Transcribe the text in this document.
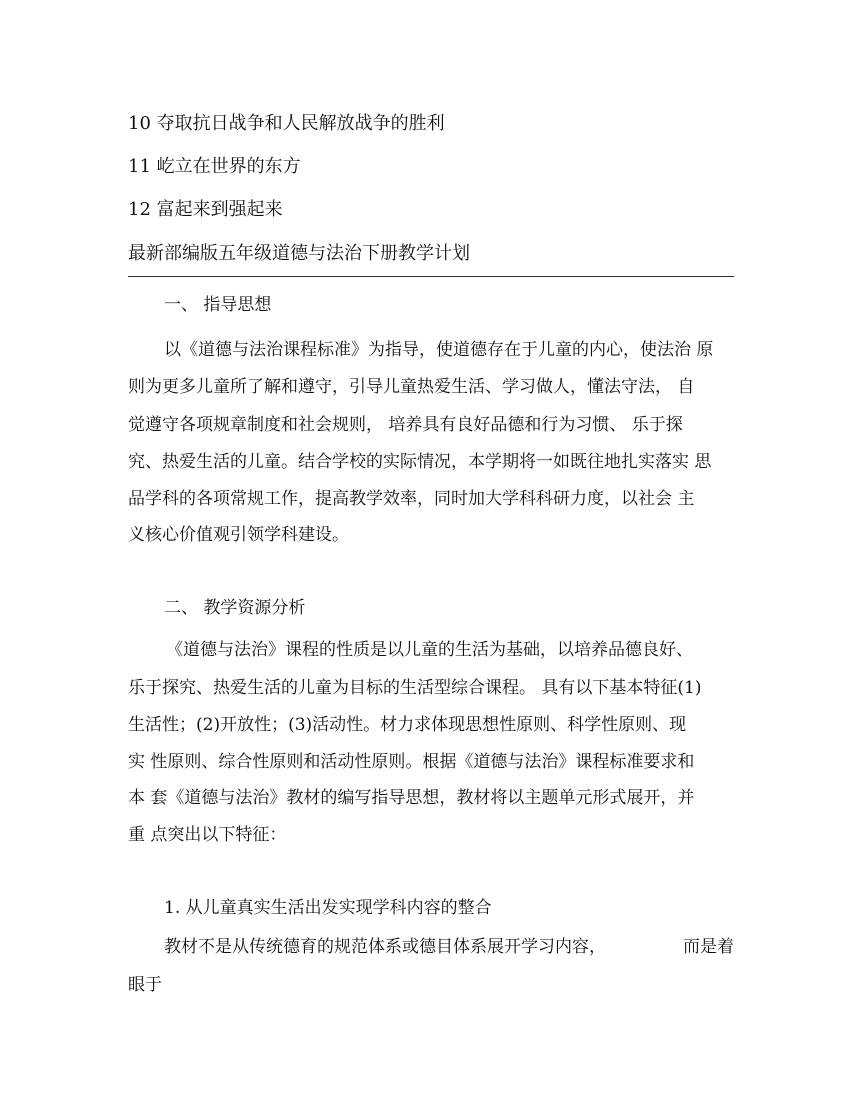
10 夺取抗日战争和人民解放战争的胜利
11 屹立在世界的东方
12 富起来到强起来
最新部编版五年级道德与法治下册教学计划
一、 指导思想
以《道德与法治课程标准》为指导，使道德存在于儿童的内心，使法治 原
则为更多儿童所了解和遵守，引导儿童热爱生活、学习做人，懂法守法， 自
觉遵守各项规章制度和社会规则， 培养具有良好品德和行为习惯、 乐于探
究、热爱生活的儿童。结合学校的实际情况，本学期将一如既往地扎实落实 思
品学科的各项常规工作，提高教学效率，同时加大学科科研力度，以社会 主
义核心价值观引领学科建设。
二、 教学资源分析
《道德与法治》课程的性质是以儿童的生活为基础，以培养品德良好、
乐于探究、热爱生活的儿童为目标的生活型综合课程。 具有以下基本特征(1)
生活性；(2)开放性；(3)活动性。材力求体现思想性原则、科学性原则、现
实 性原则、综合性原则和活动性原则。根据《道德与法治》课程标准要求和
本 套《道德与法治》教材的编写指导思想，教材将以主题单元形式展开，并
重 点突出以下特征：
1. 从儿童真实生活出发实现学科内容的整合
教材不是从传统德育的规范体系或德目体系展开学习内容，	而是着
眼于
